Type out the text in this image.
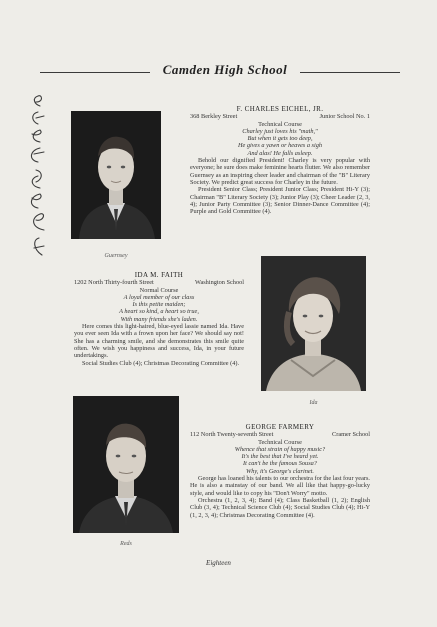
Camden High School
Guernsey
F. CHARLES EICHEL, JR.
368 Berkley Street	Junior School No. 1
Technical Course
Charley just loves his "math,"
But when it gets too deep,
He gives a yawn or heaves a sigh
And alas! He falls asleep.
Behold our dignified President! Charley is very popular with everyone; he sure does make feminine hearts flutter. We also remember Guernsey as an inspiring cheer leader and chairman of the "B" Literary Society. We predict great success for Charley in the future.
President Senior Class; President Junior Class; President Hi-Y (3); Chairman "B" Literary Society (3); Junior Play (3); Cheer Leader (2, 3, 4); Junior Party Committee (3); Senior Dinner-Dance Committee (4); Purple and Gold Committee (4).
IDA M. FAITH
1202 North Thirty-fourth Street	Washington School
Normal Course
A loyal member of our class
Is this petite maiden;
A heart so kind, a heart so true,
With many friends she's laden.
Here comes this light-haired, blue-eyed lassie named Ida. Have you ever seen Ida with a frown upon her face? We should say not! She has a charming smile, and she demonstrates this smile quite often. We wish you happiness and success, Ida, in your future undertakings.
Social Studies Club (4); Christmas Decorating Committee (4).
Ida
Reds
GEORGE FARMERY
112 North Twenty-seventh Street	Cramer School
Technical Course
Whence that strain of happy music?
It's the best that I've heard yet.
It can't be the famous Sousa?
Why, it's George's clarinet.
George has loaned his talents to our orchestra for the last four years. He is also a mainstay of our band. We all like that happy-go-lucky style, and would like to copy his "Don't Worry" motto.
Orchestra (1, 2, 3, 4); Band (4); Class Basketball (1, 2); English Club (3, 4); Technical Science Club (4); Social Studies Club (4); Hi-Y (1, 2, 3, 4); Christmas Decorating Committee (4).
Eighteen
